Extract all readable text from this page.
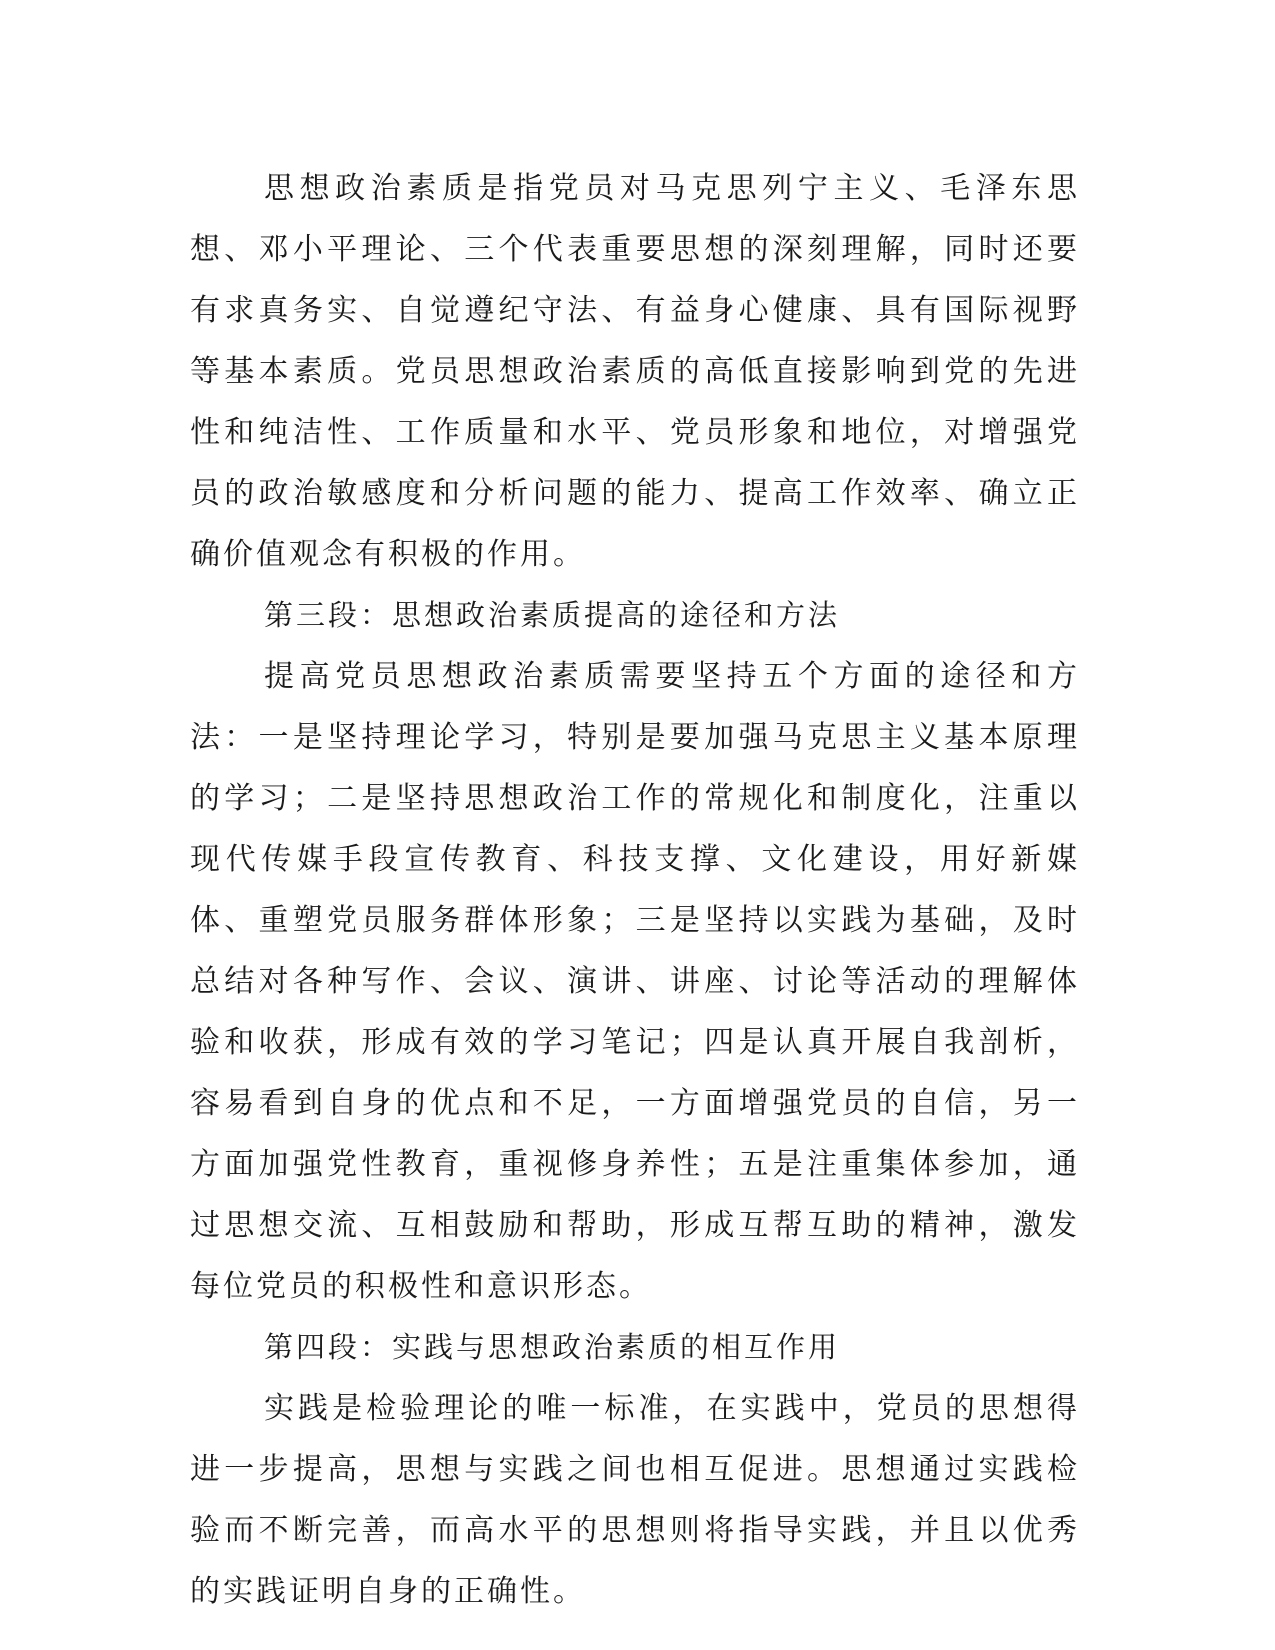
思想政治素质是指党员对马克思列宁主义、毛泽东思想、邓小平理论、三个代表重要思想的深刻理解，同时还要有求真务实、自觉遵纪守法、有益身心健康、具有国际视野等基本素质。党员思想政治素质的高低直接影响到党的先进性和纯洁性、工作质量和水平、党员形象和地位，对增强党员的政治敏感度和分析问题的能力、提高工作效率、确立正确价值观念有积极的作用。

第三段：思想政治素质提高的途径和方法

提高党员思想政治素质需要坚持五个方面的途径和方法：一是坚持理论学习，特别是要加强马克思主义基本原理的学习；二是坚持思想政治工作的常规化和制度化，注重以现代传媒手段宣传教育、科技支撑、文化建设，用好新媒体、重塑党员服务群体形象；三是坚持以实践为基础，及时总结对各种写作、会议、演讲、讲座、讨论等活动的理解体验和收获，形成有效的学习笔记；四是认真开展自我剖析，容易看到自身的优点和不足，一方面增强党员的自信，另一方面加强党性教育，重视修身养性；五是注重集体参加，通过思想交流、互相鼓励和帮助，形成互帮互助的精神，激发每位党员的积极性和意识形态。

第四段：实践与思想政治素质的相互作用

实践是检验理论的唯一标准，在实践中，党员的思想得进一步提高，思想与实践之间也相互促进。思想通过实践检验而不断完善，而高水平的思想则将指导实践，并且以优秀的实践证明自身的正确性。
